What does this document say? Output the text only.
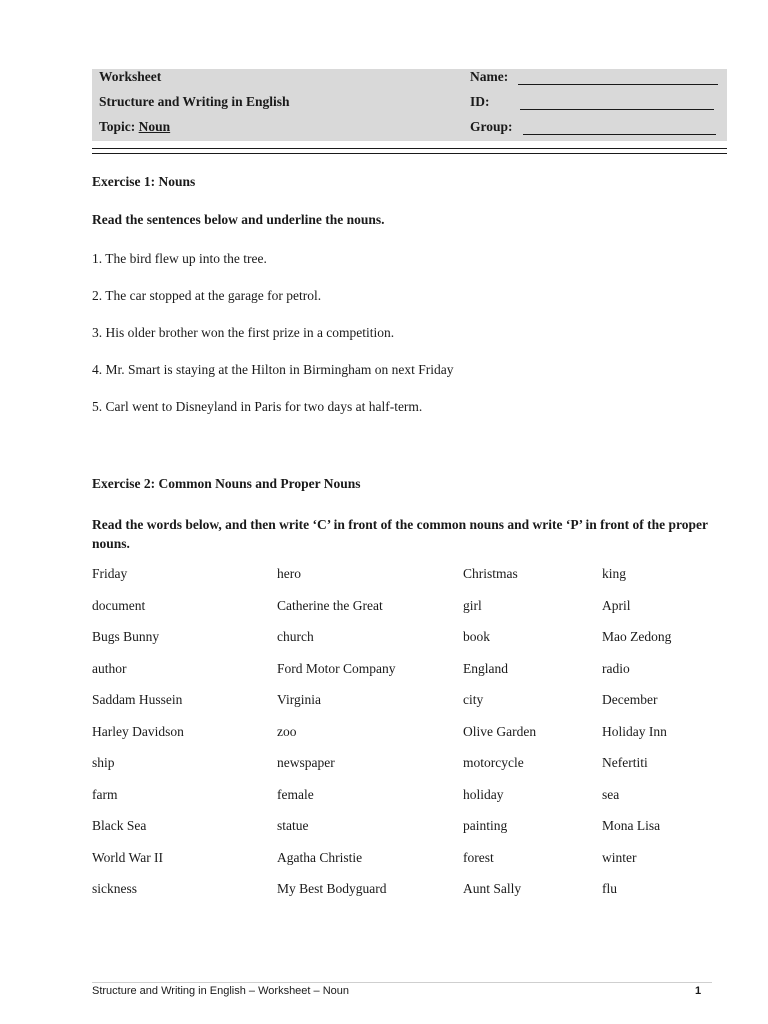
Worksheet
Structure and Writing in English
Topic: Noun
Name:
ID:
Group:
Exercise 1: Nouns
Read the sentences below and underline the nouns.
1. The bird flew up into the tree.
2. The car stopped at the garage for petrol.
3. His older brother won the first prize in a competition.
4. Mr. Smart is staying at the Hilton in Birmingham on next Friday
5. Carl went to Disneyland in Paris for two days at half-term.
Exercise 2: Common Nouns and Proper Nouns
Read the words below, and then write ‘C’ in front of the common nouns and write ‘P’ in front of the proper nouns.
Friday	hero	Christmas	king
document	Catherine the Great	girl	April
Bugs Bunny	church	book	Mao Zedong
author	Ford Motor Company	England	radio
Saddam Hussein	Virginia	city	December
Harley Davidson	zoo	Olive Garden	Holiday Inn
ship	newspaper	motorcycle	Nefertiti
farm	female	holiday	sea
Black Sea	statue	painting	Mona Lisa
World War II	Agatha Christie	forest	winter
sickness	My Best Bodyguard	Aunt Sally	flu
Structure and Writing in English – Worksheet – Noun	1
